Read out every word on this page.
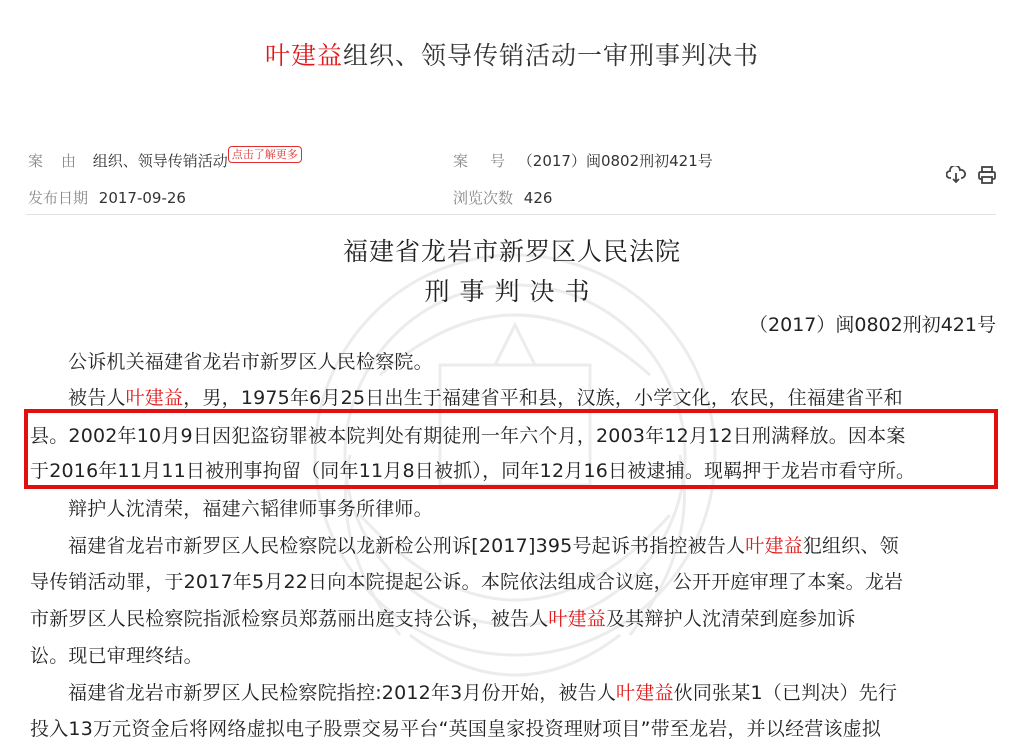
叶建益组织、领导传销活动一审刑事判决书
案由 组织、领导传销活动 点击了解更多	案号 （2017）闽0802刑初421号
发布日期 2017-09-26	浏览次数 426

福建省龙岩市新罗区人民法院
刑事判决书
（2017）闽0802刑初421号
公诉机关福建省龙岩市新罗区人民检察院。
被告人叶建益，男，1975年6月25日出生于福建省平和县，汉族，小学文化，农民，住福建省平和
县。2002年10月9日因犯盗窃罪被本院判处有期徒刑一年六个月，2003年12月12日刑满释放。因本案
于2016年11月11日被刑事拘留（同年11月8日被抓），同年12月16日被逮捕。现羁押于龙岩市看守所。
辩护人沈清荣，福建六韬律师事务所律师。
福建省龙岩市新罗区人民检察院以龙新检公刑诉[2017]395号起诉书指控被告人叶建益犯组织、领
导传销活动罪，于2017年5月22日向本院提起公诉。本院依法组成合议庭，公开开庭审理了本案。龙岩
市新罗区人民检察院指派检察员郑荔丽出庭支持公诉，被告人叶建益及其辩护人沈清荣到庭参加诉
讼。现已审理终结。
福建省龙岩市新罗区人民检察院指控:2012年3月份开始，被告人叶建益伙同张某1（已判决）先行
投入13万元资金后将网络虚拟电子股票交易平台“英国皇家投资理财项目”带至龙岩，并以经营该虚拟
